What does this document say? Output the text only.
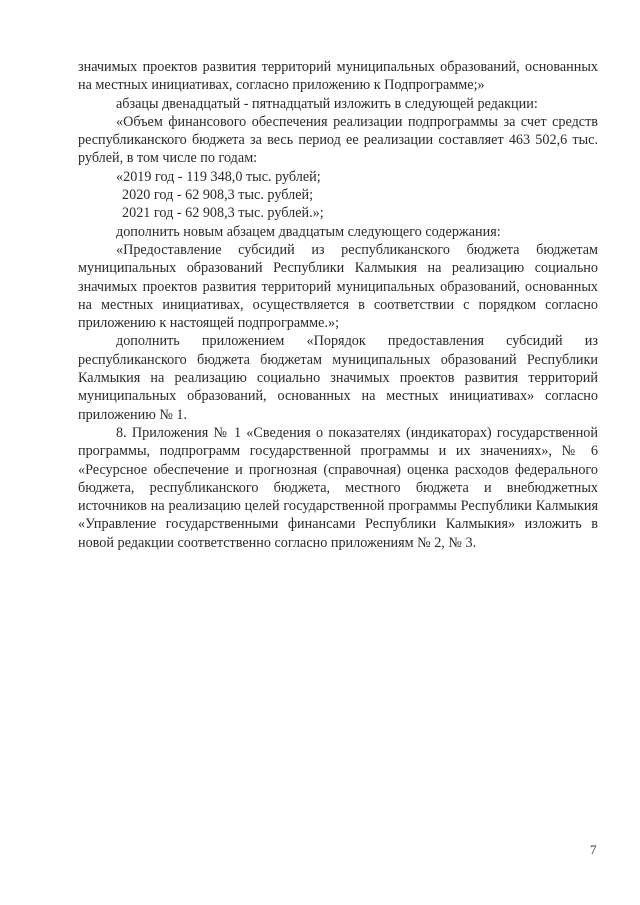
значимых проектов развития территорий муниципальных образований, основанных на местных инициативах, согласно приложению к Подпрограмме;»

абзацы двенадцатый - пятнадцатый изложить в следующей редакции:

«Объем финансового обеспечения реализации подпрограммы за счет средств республиканского бюджета за весь период ее реализации составляет 463 502,6 тыс. рублей, в том числе по годам:

«2019 год - 119 348,0 тыс. рублей;

2020 год - 62 908,3 тыс. рублей;

2021 год - 62 908,3 тыс. рублей.»;

дополнить новым абзацем двадцатым следующего содержания:

«Предоставление субсидий из республиканского бюджета бюджетам муниципальных образований Республики Калмыкия на реализацию социально значимых проектов развития территорий муниципальных образований, основанных на местных инициативах, осуществляется в соответствии с порядком согласно приложению к настоящей подпрограмме.»;

дополнить приложением «Порядок предоставления субсидий из республиканского бюджета бюджетам муниципальных образований Республики Калмыкия на реализацию социально значимых проектов развития территорий муниципальных образований, основанных на местных инициативах» согласно приложению № 1.

8. Приложения № 1 «Сведения о показателях (индикаторах) государственной программы, подпрограмм государственной программы и их значениях», № 6 «Ресурсное обеспечение и прогнозная (справочная) оценка расходов федерального бюджета, республиканского бюджета, местного бюджета и внебюджетных источников на реализацию целей государственной программы Республики Калмыкия «Управление государственными финансами Республики Калмыкия» изложить в новой редакции соответственно согласно приложениям № 2, № 3.

7
